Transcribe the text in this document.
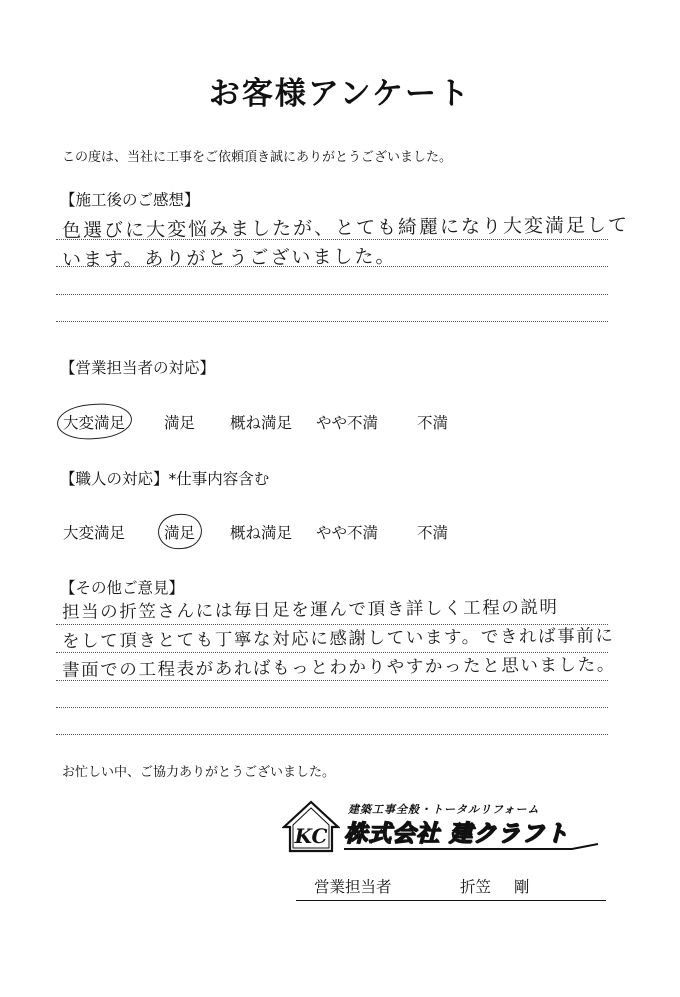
お客様アンケート
この度は、当社に工事をご依頼頂き誠にありがとうございました。
【施工後のご感想】
色選びに大変悩みましたが、とても綺麗になり大変満足して
います。ありがとうございました。
【営業担当者の対応】
大変満足	満足 概ね満足 やや不満	不満
【職人の対応】*仕事内容含む
大変満足	満足 概ね満足 やや不満	不満
【その他ご意見】
担当の折笠さんには毎日足を運んで頂き詳しく工程の説明
をして頂きとても丁寧な対応に感謝しています。できれば事前に
書面での工程表があればもっとわかりやすかったと思いました。
お忙しい中、ご協力ありがとうございました。
KC
建築工事全般・トータルリフォーム
株式会社 建クラフト
営業担当者	折笠 剛
